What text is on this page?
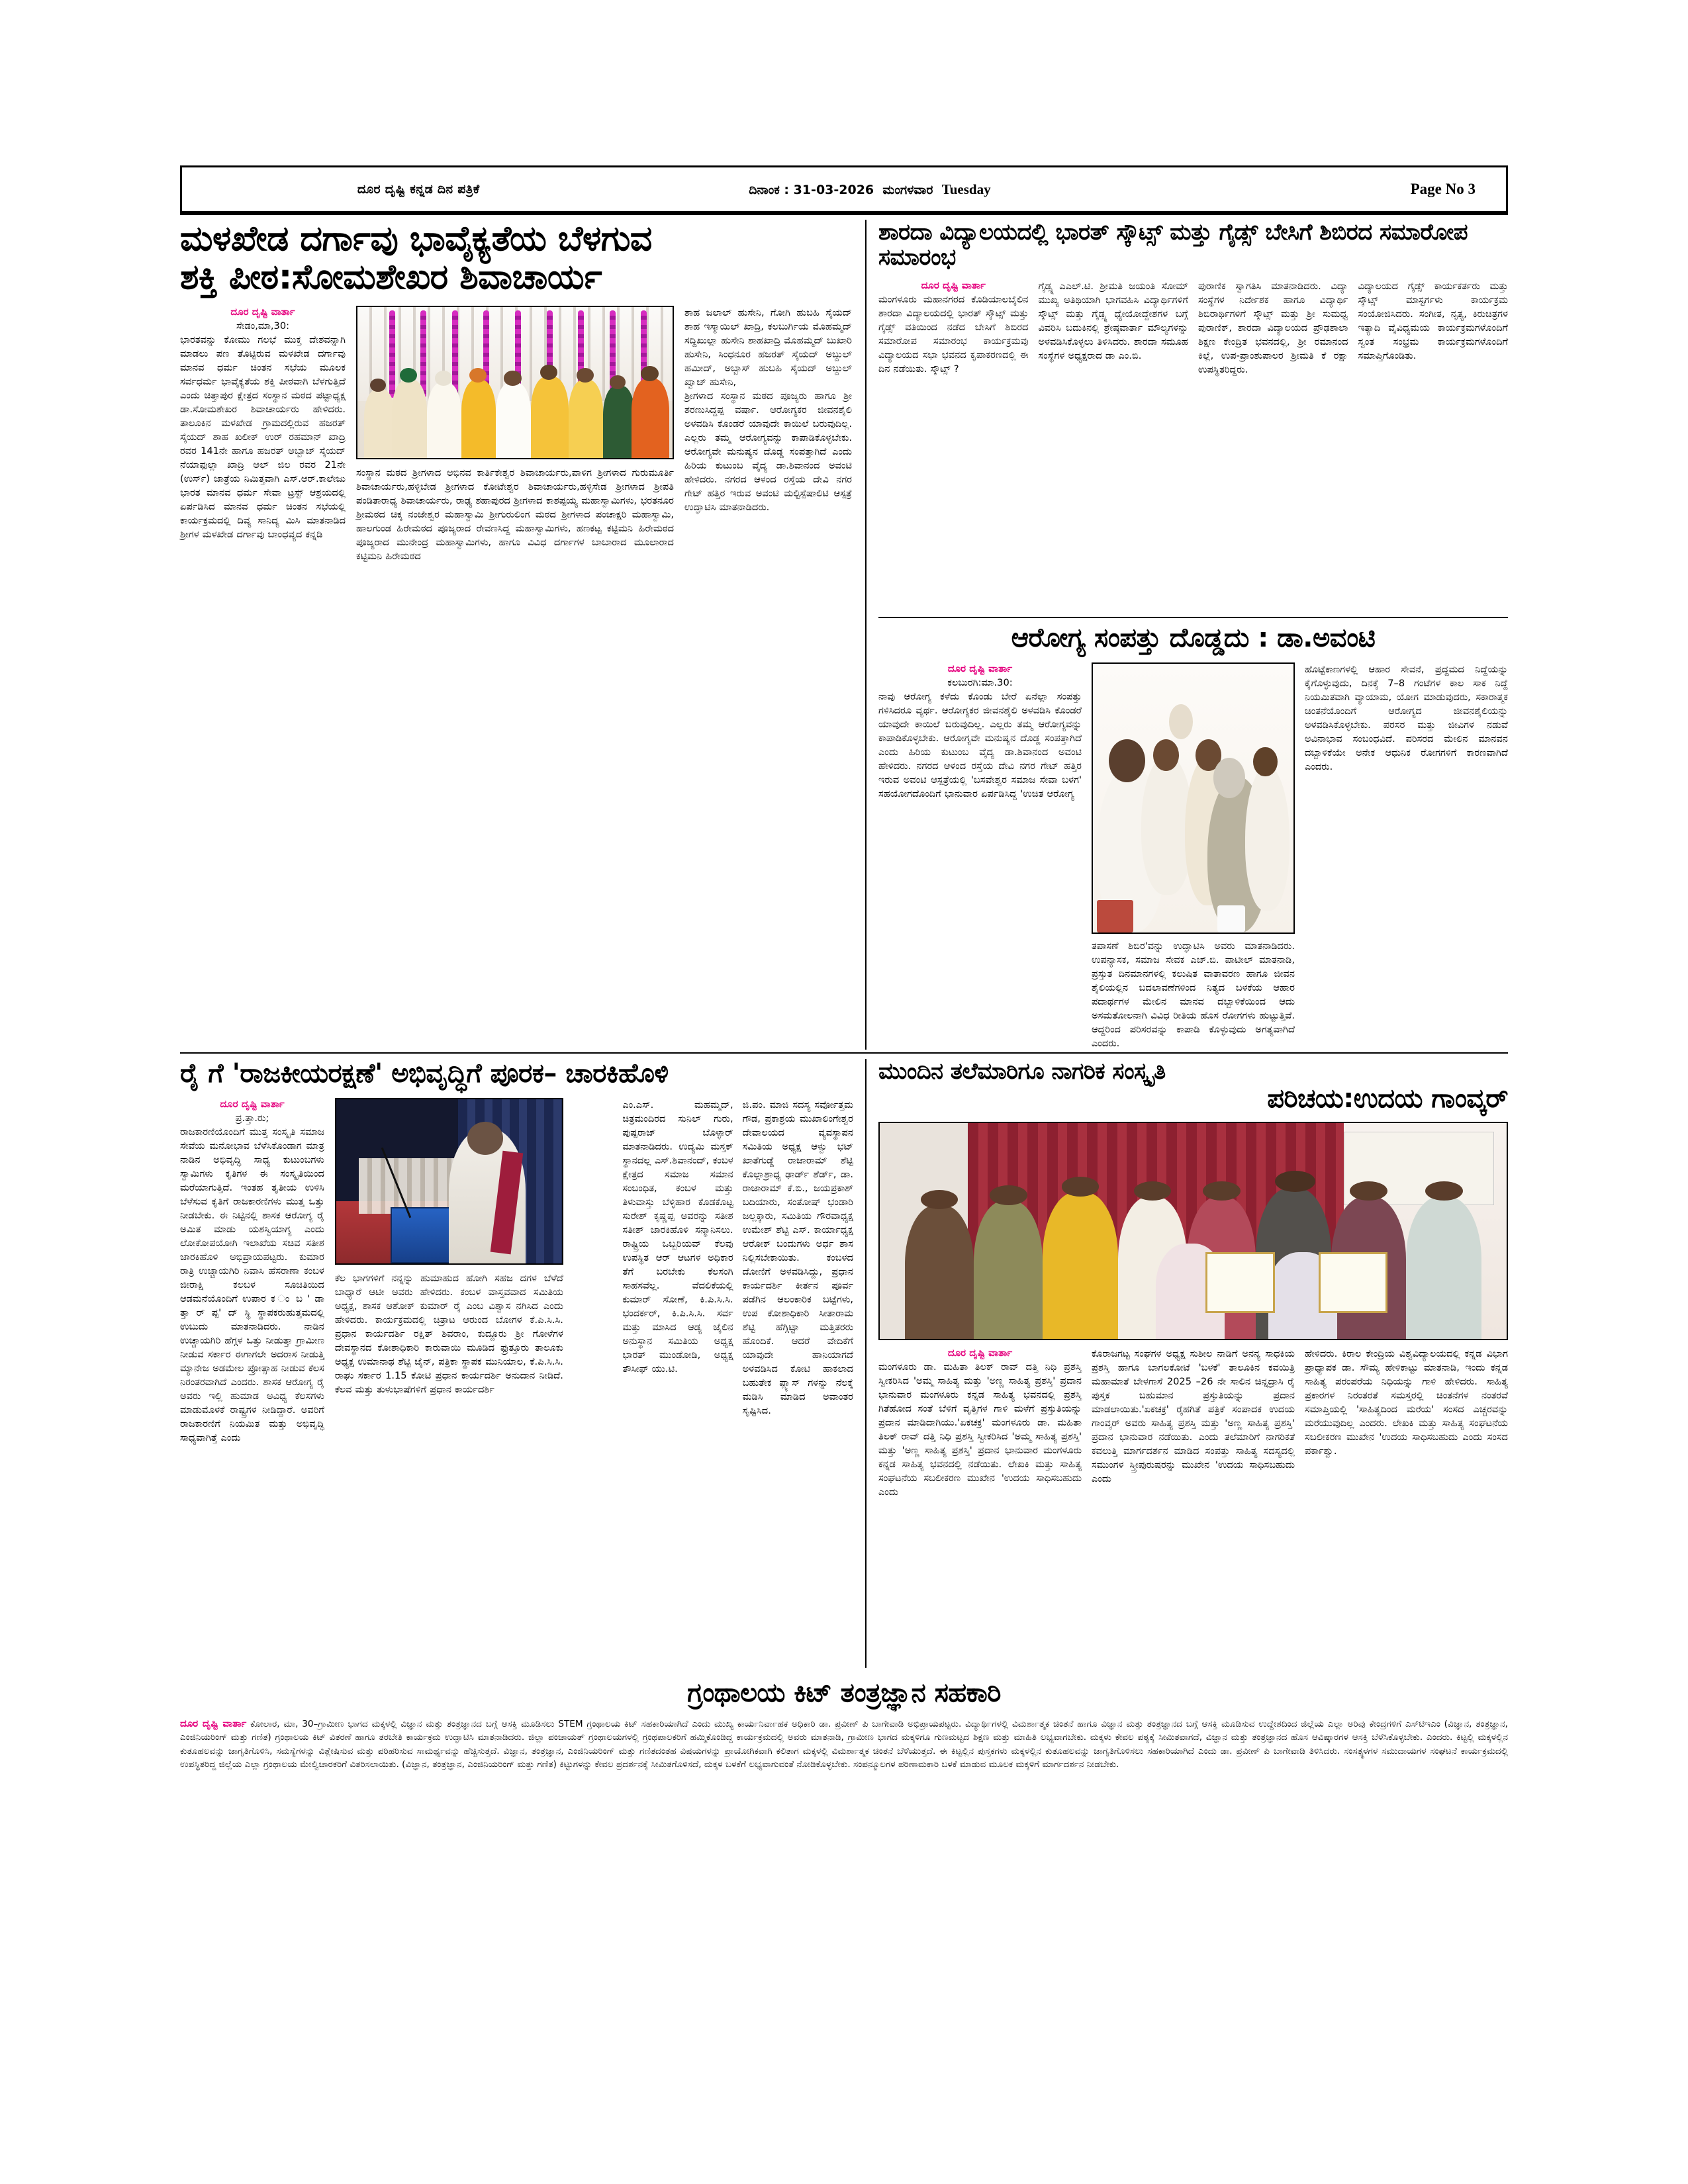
ದೂರ ದೃಷ್ಟಿ ಕನ್ನಡ ದಿನ ಪತ್ರಿಕೆ	ದಿನಾಂಕ : 31-03-2026 ಮಂಗಳವಾರ Tuesday	Page No 3
ಮಳಖೇಡ ದರ್ಗಾವು ಭಾವೈಕ್ಯತೆಯ ಬೆಳಗುವ
ಶಕ್ತಿ ಪೀಠ:ಸೋಮಶೇಖರ ಶಿವಾಚಾರ್ಯ
ದೂರ ದೃಷ್ಟಿ ವಾರ್ತಾ
ಸೇಡಂ,ಮಾ,30:
ಭಾರತವನ್ನು ಕೋಮು ಗಲಭೆ ಮುಕ್ತ ದೇಶವನ್ನಾಗಿ ಮಾಡಲು ಪಣ ತೊಟ್ಟಿರುವ ಮಳಖೇಡ ದರ್ಗಾವು ಮಾನವ ಧರ್ಮ ಚಿಂತನ ಸಭೆಯ ಮೂಲಕ ಸರ್ವಧರ್ಮ ಭಾವೈಕ್ಯತೆಯ ಶಕ್ತಿ ಪೀಠವಾಗಿ ಬೆಳಗುತ್ತಿದೆ ಎಂದು ಚಿತ್ತಾಪುರ ಕ್ಷೇತ್ರದ ಸಂಸ್ಥಾನ ಮಠದ ಪಟ್ಟಾಧ್ಯಕ್ಷ ಡಾ.ಸೋಮಶೇಖರ ಶಿವಾಚಾರ್ಯರು ಹೇಳಿದರು. ತಾಲೂಕಿನ ಮಳಖೇಡ ಗ್ರಾಮದಲ್ಲಿರುವ ಹಜರತ್ ಸೈಯದ್ ಶಾಹ ಖಲೀಕ್ ಉರ್ ರಹಮಾನ್ ಖಾದ್ರಿ ರವರ 141ನೇ ಹಾಗೂ ಹಜರತ್ ಅಬ್ಬಾಜ್ ಸೈಯದ್ ನೆಯಾಫುಲ್ಲಾ ಖಾದ್ರಿ ಆಲ್ ಜಿಲ ರವರ 21ನೇ (ಉರ್ಸ್) ಜಾತ್ರೆಯ ನಿಮಿತ್ತವಾಗಿ ಎಸ್.ಆರ್.ಕಾಲೇಜು ಭಾರತ ಮಾನವ ಧರ್ಮ ಸೇವಾ ಟ್ರಸ್ಟ್ ಆಶ್ರಯದಲ್ಲಿ ಏರ್ಪಡಿಸಿದ ಮಾನವ ಧರ್ಮ ಚಿಂತನ ಸಭೆಯಲ್ಲಿ ಕಾರ್ಯಕ್ರಮದಲ್ಲಿ ದಿವ್ಯ ಸಾನಿದ್ಯ ಮಿಸಿ ಮಾತನಾಡಿದ ಶ್ರೀಗಳ ಮಳಖೇಡ ದರ್ಗಾವು ಬಾಂಧವ್ಯದ ಕನ್ನಡಿ
ಸಂಸ್ಥಾನ ಮಠದ ಶ್ರೀಗಳಾದ ಅಭಿನವ ಕಾರ್ತಿಕೇಶ್ವರ ಶಿವಾಚಾರ್ಯರು,ಪಾಳಿಗ ಶ್ರೀಗಳಾದ ಗುರುಮೂರ್ತಿ ಶಿವಾಚಾರ್ಯರು,ಹಳ್ಳಿಬೇಡ ಶ್ರೀಗಳಾದ ಕೋಟೇಶ್ವರ ಶಿವಾಚಾರ್ಯರು,ಹಳ್ಳಿಸೇಡ ಶ್ರೀಗಳಾದ ಶ್ರೀಪತಿ ಪಂಡಿತಾರಾಧ್ಯ ಶಿವಾಚಾರ್ಯರು, ರಾಢ್ಯ ಶಹಾಪುರದ ಶ್ರೀಗಳಾದ ಕಾಶಪ್ಪಯ್ಯ ಮಹಾಸ್ವಾಮಿಗಳು, ಭರತನೂರ ಶ್ರೀಮಠದ ಚಿಕ್ಕ ನಂಜೇಶ್ವರ ಮಹಾಸ್ವಾಮಿ ಶ್ರೀಗುರುಲಿಂಗ ಮಠದ ಶ್ರೀಗಳಾದ ಪಂಚಾಕ್ಷರಿ ಮಹಾಸ್ವಾಮಿ, ಹಾಲಗುಂಡ ಹಿರೇಮಠದ ಪೂಜ್ಯರಾದ ರೇವಣಸಿದ್ದ ಮಹಾಸ್ವಾಮಿಗಳು, ಹಣಕಟ್ಟ ಕಟ್ಟಿಮನಿ ಹಿರೇಮಠದ ಪೂಜ್ಯರಾದ ಮುನೇಂದ್ರ ಮಹಾಸ್ವಾಮಿಗಳು, ಹಾಗೂ ವಿವಿಧ ದರ್ಗಾಗಳ ಬಾಬಾರಾದ ಮೂಲಾರಾದ ಕಟ್ಟಿಮನಿ ಹಿರೇಮಠದ
ಶಾಹ ಜಲಾಲ್ ಹುಸೇನಿ, ಗೋಗಿ ಹುಬಹಿ ಸೈಯದ್ ಶಾಹ ಇಸ್ಮಾಯಿಲ್ ಖಾದ್ರಿ, ಕಲಬುರ್ಗಿಯ ಮೊಹಮ್ಮದ್ ಸದ್ದಿಖುಲ್ಲಾ ಹುಸೇನಿ ಶಾಹಖಾದ್ರಿ ಮೊಹಮ್ಮದ್ ಬುಖಾರಿ ಹುಸೇನಿ, ಸಿಂಧನೂರ ಹಜರತ್ ಸೈಯದ್ ಅಬ್ದುಲ್ ಹಮೀದ್, ಅಬ್ಬಾಸ್ ಹುಬಹಿ ಸೈಯದ್ ಅಬ್ದುಲ್ ಖ್ವಾಜ್ ಹುಸೇನಿ,
ಶ್ರೀಗಳಾದ ಸಂಸ್ಥಾನ ಮಠದ ಪೂಜ್ಯರು ಹಾಗೂ ಶ್ರೀ ಶರಣುಸಿದ್ದಪ್ಪ ವರ್ಷಾ. ಆರೋಗ್ಯಕರ ಜೀವನಶೈಲಿ ಅಳವಡಿಸಿ ಕೊಂಡರೆ ಯಾವುದೇ ಕಾಯಿಲೆ ಬರುವುದಿಲ್ಲ. ಎಲ್ಲರು ತಮ್ಮ ಆರೋಗ್ಯವನ್ನು ಕಾಪಾಡಿಕೊಳ್ಳಬೇಕು. ಆರೋಗ್ಯವೇ ಮನುಷ್ಯನ ದೊಡ್ಡ ಸಂಪತ್ತಾಗಿದೆ ಎಂದು ಹಿರಿಯ ಕುಟುಂಬ ವೈದ್ಯ ಡಾ.ಶಿವಾನಂದ ಅವಂಟಿ ಹೇಳಿದರು. ನಗರದ ಆಳಂದ ರಸ್ತೆಯ ದೇವಿ ನಗರ ಗೇಟ್ ಹತ್ತಿರ ಇರುವ ಅವಂಟಿ ಮಲ್ಟಿಸ್ಪೆಷಾಲಿಟಿ ಆಸ್ಪತ್ರೆ ಉದ್ಘಾಟಿಸಿ ಮಾತನಾಡಿದರು.
ಶಾರದಾ ವಿದ್ಯಾಲಯದಲ್ಲಿ ಭಾರತ್ ಸ್ಕೌಟ್ಸ್ ಮತ್ತು ಗೈಡ್ಸ್ ಬೇಸಿಗೆ ಶಿಬಿರದ ಸಮಾರೋಪ ಸಮಾರಂಭ
ದೂರ ದೃಷ್ಟಿ ವಾರ್ತಾ
ಮಂಗಳೂರು ಮಹಾನಗರದ ಕೊಡಿಯಾಲಬೈಲಿನ ಶಾರದಾ ವಿದ್ಯಾಲಯದಲ್ಲಿ ಭಾರತ್ ಸ್ಕೌಟ್ಸ್ ಮತ್ತು ಗೈಡ್ಸ್ ವತಿಯಿಂದ ನಡೆದ ಬೇಸಿಗೆ ಶಿಬಿರದ ಸಮಾರೋಪ ಸಮಾರಂಭ ಕಾರ್ಯಕ್ರಮವು ವಿದ್ಯಾಲಯದ ಸಭಾ ಭವನದ ಕೃಪಾಕರಣದಲ್ಲಿ ಈ ದಿನ ನಡೆಯಿತು. ಸ್ಕೌಟ್ಸ್ ?
ಗೈಡ್ಸ್ನ ಎಎಲ್.ಟಿ. ಶ್ರೀಮತಿ ಜಯಂತಿ ಸೋಮ್ ಮುಖ್ಯ ಅತಿಥಿಯಾಗಿ ಭಾಗವಹಿಸಿ ವಿದ್ಯಾರ್ಥಿಗಳಿಗೆ ಸ್ಕೌಟ್ಸ್ ಮತ್ತು ಗೈಡ್ಸ್ನ ಧ್ಯೇಯೋದ್ದೇಶಗಳ ಬಗ್ಗೆ ವಿವರಿಸಿ ಬದುಕಿನಲ್ಲಿ ಶ್ರೇಷ್ಠವಾರ್ತಾ ಮೌಲ್ಯಗಳನ್ನು ಅಳವಡಿಸಿಕೊಳ್ಳಲು ತಿಳಿಸಿದರು. ಶಾರದಾ ಸಮೂಹ ಸಂಸ್ಥೆಗಳ ಅಧ್ಯಕ್ಷರಾದ ಡಾ ಎಂ.ಬಿ.
ಪುರಾಣಿಕ ಸ್ವಾಗತಿಸಿ ಮಾತನಾಡಿದರು. ವಿದ್ಯಾ ಸಂಸ್ಥೆಗಳ ನಿರ್ದೇಶಕ ಹಾಗೂ ವಿದ್ಯಾರ್ಥಿ ಶಿಬಿರಾರ್ಥಿಗಳಿಗೆ ಸ್ಕೌಟ್ಸ್ ಮತ್ತು ಶ್ರೀ ಸುಮಧ್ವ ಪುರಾಣಿಕ್, ಶಾರದಾ ವಿದ್ಯಾಲಯದ ಪ್ರೌಢಶಾಲಾ ಶಿಕ್ಷಣ ಕೇಂದ್ರಿತ ಭವನದಲ್ಲಿ, ಶ್ರೀ ರಮಾನಂದ ಕಿಲ್ಲೆ, ಉಪ-ಪ್ರಾಂಶುಪಾಲರ ಶ್ರೀಮತಿ ಕೆ ರಕ್ಷಾ ಉಪಸ್ಥಿತರಿದ್ದರು.
ವಿದ್ಯಾಲಯದ ಗೈಡ್ಸ್ ಕಾರ್ಯಕರ್ತರು ಮತ್ತು ಸ್ಕೌಟ್ಸ್ ಮಾಸ್ಟರ್ಗಳು ಕಾರ್ಯಕ್ರಮ ಸಂಯೋಜಿಸಿದರು. ಸಂಗೀತ, ನೃತ್ಯ, ಕಿರುಚಿತ್ರಗಳ ಇತ್ಯಾದಿ ವೈವಿಧ್ಯಮಯ ಕಾರ್ಯಕ್ರಮಗಳೊಂದಿಗೆ ಸ್ವಂತ ಸಂಭ್ರಮ ಕಾರ್ಯಕ್ರಮಗಳೊಂದಿಗೆ ಸಮಾಪ್ತಿಗೊಂಡಿತು.
ಆರೋಗ್ಯ ಸಂಪತ್ತು ದೊಡ್ಡದು : ಡಾ.ಅವಂಟಿ
ದೂರ ದೃಷ್ಟಿ ವಾರ್ತಾ
ಕಲಬುರಗಿ:ಮಾ.30:
ನಾವು ಆರೋಗ್ಯ ಕಳೆದು ಕೊಂಡು ಬೇರೆ ಏನೆಲ್ಲಾ ಸಂಪತ್ತು ಗಳಿಸಿದರೂ ವ್ಯರ್ಥ. ಆರೋಗ್ಯಕರ ಜೀವನಶೈಲಿ ಅಳವಡಿಸಿ ಕೊಂಡರೆ ಯಾವುದೇ ಕಾಯಿಲೆ ಬರುವುದಿಲ್ಲ. ಎಲ್ಲರು ತಮ್ಮ ಆರೋಗ್ಯವನ್ನು ಕಾಪಾಡಿಕೊಳ್ಳಬೇಕು. ಆರೋಗ್ಯವೇ ಮನುಷ್ಯನ ದೊಡ್ಡ ಸಂಪತ್ತಾಗಿದೆ ಎಂದು ಹಿರಿಯ ಕುಟುಂಬ ವೈದ್ಯ ಡಾ.ಶಿವಾನಂದ ಅವಂಟಿ ಹೇಳಿದರು. ನಗರದ ಆಳಂದ ರಸ್ತೆಯ ದೇವಿ ನಗರ ಗೇಟ್ ಹತ್ತಿರ ಇರುವ ಅವಂಟಿ ಆಸ್ಪತ್ರೆಯಲ್ಲಿ 'ಬಸವೇಶ್ವರ ಸಮಾಜ ಸೇವಾ ಬಳಗ' ಸಹಯೋಗದೊಂದಿಗೆ ಭಾನುವಾರ ಏರ್ಪಡಿಸಿದ್ದ 'ಉಚಿತ ಆರೋಗ್ಯ
ತಪಾಸಣೆ ಶಿಬಿರ'ವನ್ನು ಉದ್ಘಾಟಿಸಿ ಅವರು ಮಾತನಾಡಿದರು. ಉಪನ್ಯಾಸಕ, ಸಮಾಜ ಸೇವಕ ಎಚ್.ಬಿ. ಪಾಟೀಲ್ ಮಾತನಾಡಿ, ಪ್ರಸ್ತುತ ದಿನಮಾನಗಳಲ್ಲಿ ಕಲುಷಿತ ವಾತಾವರಣ ಹಾಗೂ ಜೀವನ ಶೈಲಿಯಲ್ಲಿನ ಬದಲಾವಣೆಗಳಿಂದ ನಿತ್ಯದ ಬಳಕೆಯ ಆಹಾರ ಪದಾರ್ಥಗಳ ಮೇಲಿನ ಮಾನವ ದಬ್ಬಾಳಿಕೆಯಿಂದ ಆದು ಅಸಮತೋಲನಾಗಿ ವಿವಿಧ ರೀತಿಯ ಹೊಸ ರೋಗಗಳು ಹುಟ್ಟುತ್ತಿವೆ. ಆದ್ದರಿಂದ ಪರಿಸರವನ್ನು ಕಾಪಾಡಿ ಕೊಳ್ಳುವುದು ಅಗತ್ಯವಾಗಿದೆ ಎಂದರು.
ಹೊಟ್ಟೆಕಾಣಗಳಲ್ಲಿ ಆಹಾರ ಸೇವನೆ, ಪ್ರದ್ದಮದ ನಿದ್ದೆಯನ್ನು ಕೈಗೊಳ್ಳುವುದು, ದಿನಕ್ಕೆ 7–8 ಗಂಟೆಗಳ ಕಾಲ ಸಾಕ ನಿದ್ದೆ ನಿಯಮಿತವಾಗಿ ವ್ಯಾಯಾಮ, ಯೋಗ ಮಾಡುವುದರು, ಸಕಾರಾತ್ಮಕ ಚಿಂತನೆಯೊಂದಿಗೆ ಆರೋಗ್ಯದ ಜೀವನಶೈಲಿಯನ್ನು ಅಳವಡಿಸಿಕೊಳ್ಳಬೇಕು. ಪರಸರ ಮತ್ತು ಜೀವಿಗಳ ನಡುವೆ ಅವಿನಾಭಾವ ಸಂಬಂಧವಿದೆ. ಪರಿಸರದ ಮೇಲಿನ ಮಾನವನ ದಬ್ಬಾಳಿಕೆಯೇ ಅನೇಕ ಆಧುನಿಕ ರೋಗಗಳಿಗೆ ಕಾರಣವಾಗಿದೆ ಎಂದರು.
ರೈ ಗೆ 'ರಾಜಕೀಯರಕ್ಷಣೆ' ಅಭಿವೃದ್ಧಿಗೆ ಪೂರಕ– ಚಾರಕಿಹೊಳಿ
ದೂರ ದೃಷ್ಟಿ ವಾರ್ತಾ
ಪ್ರ.ತ್ತಾ.ರು;
ರಾಜಕಾರಣಿಯೊಂದಿಗೆ ಮುತ್ತ ಸಂಸ್ಕೃತಿ ಸಮಾಜ ಸೇವೆಯ ಮನೋಭಾವ ಬೆಳೆಸಿಕೊಂಡಾಗ ಮಾತ್ರ ನಾಡಿನ ಅಭಿವೃದ್ಧಿ ಸಾಧ್ಯ ಕುಟುಂಬಗಳು ಸ್ವಾಮಿಗಳು ಕೃತಿಗಳ ಈ ಸಂಸ್ಕೃತಿಯಿಂದ ಮರೆಯಾಗುತ್ತಿದೆ. ಇಂತಹ ತೃತೀಯ ಉಳಿಸಿ ಬೆಳೆಸುವ ಕೃತಿಗೆ ರಾಜಕಾರಣಿಗಳು ಮುತ್ತ ಒತ್ತು ನೀಡಬೇಕು. ಈ ನಿಟ್ಟಿನಲ್ಲಿ ಶಾಸಕ ಆರೋಗ್ಯ ರೈ ಅಮಿತ ಮಾಡು ಯಶಸ್ವಿಯಾಗ್ಯ ಎಂದು ಲೋಕೋಪಯೋಗಿ ಇಲಾಖೆಯ ಸಚಿವ ಸತೀಶ ಜಾರಕಿಹೊಳಿ ಅಭಿಪ್ರಾಯಪಟ್ಟರು. ಕುಮಾರ ರಾತ್ರಿ ಉಚ್ಚಾಯಗಿರಿ ನಿವಾಸಿ ಹೆಸರಾಣಾ ಕಂಬಳ ಜೀರಾಕ್ಷಿ ಕಲಬಳ ಸೂಚಿತಿಯಿದ ಆಡಮನೆಯೊಂದಿಗೆ ಉಪಾರ ಕ ಂ ಬ ' ಡಾ ತ್ತಾ ರ್ ಪ್ಪ' ದ್ ಸ್ಥಿ ಸ್ಥಾಪಕರುಹುತ್ತಮದಲ್ಲಿ ಉಬುದು ಮಾತನಾಡಿದರು. ನಾಡಿನ ಉಚ್ಚಾಯಗಿರಿ ಹೆಗ್ಗಳ ಒತ್ತು ನೀಡುತ್ತಾ ಗ್ರಾಮೀಣ ನೀಡುವ ಸರ್ಕಾರ ಈಗಾಗಲೇ ಅದರಾಸ ನೀಡುತ್ತಿ ಮ್ಯಾನೇಜ ಅಡಮೇಲ ಪ್ರೋತ್ಸಾಹ ನೀಡುವ ಕೆಲಸ ನಿರಂತರವಾಗಿದೆ ಎಂದರು. ಶಾಸಕ ಆರೋಗ್ಯ ರೈ ಅವರು ಇಲ್ಲಿ ಹುಮಾಡ ಅವಿಧ್ಯ ಕೆಲಸಗಳು ಮಾಡುಮೊಳಕೆ ರಾಷ್ಟ್ರಗಳ ನೀಡಿದ್ದಾರೆ. ಅವರಿಗೆ ರಾಜಕಾರಣಿಗೆ ನಿಯಮಿತ ಮತ್ತು ಅಭಿವೃದ್ಧಿ ಸಾಧ್ಯವಾಗಿತ್ತೆ ಎಂದು
ಕೆಲ ಭಾಗಗಳಿಗೆ ನನ್ನನ್ನು ಹುಮಾಹುದ ಹೋಗಿ ಸಹಜ ದಗಳ ಬೆಳೆದೆ ಬಾಧ್ಯಾರೆ ಆಟೀ ಅವರು ಹೇಳಿದರು. ಕಂಬಳ ವಾಸ್ತವವಾದ ಸಮಿತಿಯ ಅಧ್ಯಕ್ಷ, ಶಾಸಕ ಆಶೋಕ್ ಕುಮಾರ್ ರೈ ಎಂಬ ವಿಶ್ವಾಸ ನಗಿಸಿದ ಎಂದು ಹೇಳಿದರು. ಕಾರ್ಯಕ್ರಮದಲ್ಲಿ ಚಿತ್ರಾಟ ಆರುಂದ ಬೋಗಳ ಕೆ.ಪಿ.ಸಿ.ಸಿ. ಪ್ರಧಾನ ಕಾರ್ಯದರ್ಶಿ ರಕ್ಷಿತ್ ಶಿವರಾಂ, ಕುದ್ದೂರು ಶ್ರೀ ಗೋಳೆಗಳ ದೇವಸ್ಥಾನದ ಕೋಶಾಧಿಕಾರಿ ಕಾರುವಾಯಿ ಮೂಡಿದ ಫ್ರುತ್ತೂರು ತಾಲೂಕು ಅಧ್ಯಕ್ಷ ಉಮಾನಾಥ ಶೆಟ್ಟಿ ಜೈನ್, ಪತ್ರಿಕಾ ಸ್ಥಾಪಕ ಮುನಿಯಾಲ, ಕೆ.ಪಿ.ಸಿ.ಸಿ. ರಾಘು ಸರ್ಕಾರ 1.15 ಕೋಟಿ ಪ್ರಧಾನ ಕಾರ್ಯದರ್ಶಿ ಅನುದಾನ ನೀಡಿದೆ. ಕೆಲವ ಮತ್ತು ತುಳುಭಾಷೆಗಳಿಗೆ ಪ್ರಧಾನ ಕಾರ್ಯದರ್ಶಿ
ಎಂ.ಎಸ್. ಮಹಮ್ಮದ್, ಚಿತ್ರಮಂದಿರದ ಸುನಿಲ್ ಗುರು, ಪುಷ್ಪರಾಜ್ ಬೊಳ್ಳಾರ್ ಮಾತನಾಡಿದರು. ಉದ್ಯಮಿ ಮಸ್ತಕ್ ಸ್ಥಾನದಲ್ಲ ಎಸ್.ಶಿವಾನಂದ್, ಕಂಬಳ ಕ್ಷೇತ್ರದ ಸಮಾಜ ಸಮಾನ ಸಂಬಂಧಿತ, ಕಂಬಳ ಮತ್ತು ತಿಳುವಾಸ್ತು ಬೆಳ್ಳಿಹಾರ ಕೊಡಕೊಟ್ಟ ಸುರೇಶ್ ಕೃಷ್ಣಪ್ಪ ಅವರನ್ನು ಸತೀಶ ಸತೀಶ್ ಜಾರಕಿಹೊಳಿ ಸನ್ಮಾನಿಸಲು. ರಾಷ್ಟ್ರಿಯ ಒಬ್ಬರಿಯವ್ ಕೆಲವು ಉಪಸ್ಥಿತ ಆರ್ ಆಟಗಳ ಅಧಿಕಾರ ತೆಗೆ ಬರಬೇಕು ಕೆಲಸಂಗಿ ಸಾಹಸವೆಲ್ಲ. ವೆದಲಿಕೆಯಲ್ಲಿ ಕುಮಾರ್ ಸೋಣೆ, ಕಿ.ಪಿ.ಸಿ.ಸಿ. ಭಂದರ್ಕರ್, ಕಿ.ಪಿ.ಸಿ.ಸಿ. ಸರ್ವ ಮತ್ತು ಮಾಸಿದ ಆಡ್ಯ ಜೈಲಿನ ಅನುಸ್ಥಾನ ಸಮಿತಿಯ ಅಧ್ಯಕ್ಷ ಭಾರತ್ ಮುಂಡೋಡಿ, ಅಧ್ಯಕ್ಷ ತೌಸೀಫ್ ಯು.ಟಿ.
ಜಿ.ಪಂ. ಮಾಜಿ ಸದಸ್ಯ ಸರ್ವೋತ್ತಮ ಗೌಡ, ಪ್ರಕಾಶ್ರಯ ಮುಖಾಲಿಂಗೇಶ್ವರ ದೇವಾಲಯದ ವ್ಯವಸ್ಥಾಪನ ಸಮಿತಿಯ ಅಧ್ಯಕ್ಷ ಆಳ್ವು ಭಟ್ ಖಾತೆಗುಡ್ಡೆ ರಾಜಾರಾಮ್ ಶೆಟ್ಟಿ ಕೊಲ್ಲಾಶ್ರಾಧ್ಯ ಢಾರ್ಡ್ ಶೆರ್ಡ್, ಡಾ. ರಾಜಾರಾಮ್ ಕೆ.ಬಿ., ಜಯಪ್ರಕಾಶ್ ಬದಿಯಾರು, ಸಂತೋಷ್ ಭಂಡಾರಿ ಜಲ್ಲಕ್ಕಾರು, ಸಮಿತಿಯ ಗೌರವಾಧ್ಯಕ್ಷ ಉಮೇಶ್ ಶೆಟ್ಟಿ ಎಸ್. ಕಾರ್ಯಾಧ್ಯಕ್ಷ ಆರೋಕ್ ಬಂದುಗಳು ಅರ್ಧ ಶಾಸ ನಿಲ್ಲಿಸಬೇಕಾಯಿತು. ಕಂಬಳದ ದೋಣಿಗೆ ಅಳವಡಿಸಿದ್ದು, ಪ್ರಧಾನ ಕಾರ್ಯದರ್ಶಿ ಕೀರ್ತನ ಪೂರ್ವ ಪಡೆಗಿನ ಆಲಂಕಾರಿಕ ಬಟ್ಟೆಗಳು, ಉಪ ಕೋಶಾಧಿಕಾರಿ ಸೀತಾರಾಮ ಶೆಟ್ಟಿ ಹೆಗ್ಗಿಟ್ಟಾ ಮತ್ತಿತರರು ಹೊಂದಿಕೆ. ಆದರೆ ವೇದಿಕೆಗೆ ಯಾವುದೇ ಹಾನಿಯಾಗದೆ ಅಳವಡಿಸಿದ ಕೋಟಿ ಹಾಕಲಾದ ಬಹುತೇಕ ಪ್ಲ್ಯಾಸ್ ಗಳನ್ನು ನೆಲಕ್ಕೆ ಮಡಿಸಿ ಮಾಡಿದ ಅವಾಂತರ ಸೃಷ್ಟಿಸಿದ.
ಮುಂದಿನ ತಲೆಮಾರಿಗೂ ನಾಗರಿಕ ಸಂಸ್ಕೃತಿ
ಪರಿಚಯ:ಉದಯ ಗಾಂವ್ಕರ್
ದೂರ ದೃಷ್ಟಿ ವಾರ್ತಾ
ಮಂಗಳೂರು ಡಾ. ಮಹಿತಾ ತಿಲಕ್ ರಾವ್ ದತ್ತಿ ನಿಧಿ ಪ್ರಶಸ್ತಿ ಸ್ವೀಕರಿಸಿದ 'ಅಮ್ಮ ಸಾಹಿತ್ಯ ಮತ್ತು 'ಅಣ್ಣ ಸಾಹಿತ್ಯ ಪ್ರಶಸ್ತಿ' ಪ್ರದಾನ ಭಾನುವಾರ ಮಂಗಳೂರು ಕನ್ನಡ ಸಾಹಿತ್ಯ ಭವನದಲ್ಲಿ ಪ್ರಶಸ್ತಿ ಗಿತೆಹೋದ ಸಂತೆ ಬೆಳಿಗೆ ವೃತ್ತಿಗಳ ಗಾಳಿ ಮಳೆಗೆ ಪ್ರಸ್ತುತಿಯನ್ನು ಪ್ರದಾನ ಮಾಡಿದಾಗಿಯು.'ಏಕಚಕ್ರ' ಮಂಗಳೂರು ಡಾ. ಮಹಿತಾ ತಿಲಕ್ ರಾವ್ ದತ್ತಿ ನಿಧಿ ಪ್ರಶಸ್ತಿ ಸ್ವೀಕರಿಸಿದ 'ಅಮ್ಮ ಸಾಹಿತ್ಯ ಪ್ರಶಸ್ತಿ' ಮತ್ತು 'ಅಣ್ಣ ಸಾಹಿತ್ಯ ಪ್ರಶಸ್ತಿ' ಪ್ರದಾನ ಭಾನುವಾರ ಮಂಗಳೂರು ಕನ್ನಡ ಸಾಹಿತ್ಯ ಭವನದಲ್ಲಿ ನಡೆಯಿತು. ಲೇಖಕಿ ಮತ್ತು ಸಾಹಿತ್ಯ ಸಂಘಟನೆಯ ಸಬಲೀಕರಣ ಮುಖೇನ 'ಉದಯ ಸಾಧಿಸಬಹುದು ಎಂದು
ಕೊರಾಜಗಟ್ಟ ಸಂಘಗಳ ಅಧ್ಯಕ್ಷ ಸುಶೀಲ ನಾಡಿಗೆ ಅನನ್ಯ ಸಾಧಕಿಯ ಪ್ರಶಸ್ತಿ ಹಾಗೂ ಬಾಗಲಕೋಟೆ 'ಬಳಕೆ' ತಾಲೂಕಿನ ಕವಯಿತ್ರಿ ಮಹಾಮಾತೆ ಬೇಳಗಾಸೆ 2025 –26 ನೇ ಸಾಲಿನ ಚಿನ್ನದ್ರಾಸಿ ರೈ ಪುಸ್ತಕ ಬಹುಮಾನ ಪ್ರಸ್ತುತಿಯನ್ನು ಪ್ರದಾನ ಮಾಡಲಾಯಿತು.'ಏಕಚಕ್ರ' ರೈಹಗಿತೆ ಪತ್ರಿಕೆ ಸಂಪಾದಕ ಉದಯ ಗಾಂವ್ಕರ್ ಅವರು ಸಾಹಿತ್ಯ ಪ್ರಶಸ್ತಿ ಮತ್ತು 'ಅಣ್ಣ ಸಾಹಿತ್ಯ ಪ್ರಶಸ್ತಿ' ಪ್ರದಾನ ಭಾನುವಾರ ನಡೆಯಿತು. ಎಂದು ತಲೆಮಾರಿಗೆ ನಾಗರಿಕತೆ ಕವಲುತ್ತಿ ಮಾರ್ಗದರ್ಶನ ಮಾಡಿದ ಸಂಪತ್ತು ಸಾಹಿತ್ಯ ಸದಸ್ಯದಲ್ಲಿ ಸಮುಂಗಳ ಸ್ತ್ರೀಪುರುಷರನ್ನು ಮುಖೇನ 'ಉದಯ ಸಾಧಿಸಬಹುದು ಎಂದು
ಹೇಳಿದರು. ಕಿರಾಲ ಕೇಂದ್ರಿಯ ವಿಶ್ವವಿದ್ಯಾಲಯದಲ್ಲಿ ಕನ್ನಡ ವಿಭಾಗ ಪ್ರಾಧ್ಯಾಪಕ ಡಾ. ಸೌಮ್ಯ ಹೇಳಿಕಾಟ್ಟು ಮಾತನಾಡಿ, ಇಂದು ಕನ್ನಡ ಸಾಹಿತ್ಯ ಪರಂಪರೆಯ ನಿಧಿಯನ್ನು ಗಾಳಿ ಹೇಳಿದರು. ಸಾಹಿತ್ಯ ಪ್ರಕಾರಗಳ ನಿರಂತರತೆ ಸಮಸ್ತರಲ್ಲಿ ಚಿಂತನೆಗಳ ನಂತರವೆ ಸಮಾಪ್ತಿಯಲ್ಲಿ 'ಸಾಹಿತ್ಯದಿಂದ ಮರೆಯ' ಸಂಸದ ಎಚ್ಚರವನ್ನು ಮರೆಯುವುದಿಲ್ಲ ಎಂದರು. ಲೇಖಕಿ ಮತ್ತು ಸಾಹಿತ್ಯ ಸಂಘಟನೆಯ ಸಬಲೀಕರಣ ಮುಖೇನ 'ಉದಯ ಸಾಧಿಸಬಹುದು ಎಂದು ಸಂಸದ ಪರ್ಕಾಶ್ವು.
ಗ್ರಂಥಾಲಯ ಕಿಟ್ ತಂತ್ರಜ್ಞಾನ ಸಹಕಾರಿ
ದೂರ ದೃಷ್ಟಿ ವಾರ್ತಾ ಕೋಲಾರ, ಮಾ, 30–ಗ್ರಾಮೀಣ ಭಾಗದ ಮಕ್ಕಳಲ್ಲಿ ವಿಜ್ಞಾನ ಮತ್ತು ತಂತ್ರಜ್ಞಾನದ ಬಗ್ಗೆ ಆಸಕ್ತಿ ಮೂಡಿಸಲು STEM ಗ್ರಂಥಾಲಯ ಕಿಟ್ ಸಹಕಾರಿಯಾಗಿದೆ ಎಂದು ಮುಖ್ಯ ಕಾರ್ಯನಿರ್ವಾಹಕ ಅಧಿಕಾರಿ ಡಾ. ಪ್ರವೀಣ್ ಪಿ ಬಾಗೇವಾಡಿ ಅಭಿಪ್ರಾಯಪಟ್ಟರು. ವಿದ್ಯಾರ್ಥಿಗಳಲ್ಲಿ ವಿಮರ್ಶಾತ್ಮಕ ಚಿಂತನೆ ಹಾಗೂ ವಿಜ್ಞಾನ ಮತ್ತು ತಂತ್ರಜ್ಞಾನದ ಬಗ್ಗೆ ಆಸಕ್ತಿ ಮೂಡಿಸುವ ಉದ್ದೇಶದಿಂದ ಜಿಲ್ಲೆಯ ಎಲ್ಲಾ ಅರಿವು ಕೇಂದ್ರಗಳಿಗೆ ಎಸ್‌ಟಿಇಎಂ (ವಿಜ್ಞಾನ, ತಂತ್ರಜ್ಞಾನ, ಎಂಜಿನಿಯರಿಂಗ್ ಮತ್ತು ಗಣಿತ) ಗ್ರಂಥಾಲಯ ಕಿಟ್ ವಿತರಣೆ ಹಾಗೂ ತರಬೇತಿ ಕಾರ್ಯಕ್ರಮ ಉದ್ಘಾಟಿಸಿ ಮಾತನಾಡಿದರು. ಜಿಲ್ಲಾ ಪಂಚಾಯತ್ ಗ್ರಂಥಾಲಯಗಳಲ್ಲಿ ಗ್ರಂಥಪಾಲಕರಿಗೆ ಹಮ್ಮಿಕೊಂಡಿದ್ದ ಕಾರ್ಯಕ್ರಮದಲ್ಲಿ ಅವರು ಮಾತನಾಡಿ, ಗ್ರಾಮೀಣ ಭಾಗದ ಮಕ್ಕಳಿಗೂ ಗುಣಮಟ್ಟದ ಶಿಕ್ಷಣ ಮತ್ತು ಮಾಹಿತಿ ಲಭ್ಯವಾಗಬೇಕು. ಮಕ್ಕಳು ಕೇವಲ ಪಠ್ಯಕ್ಕೆ ಸೀಮಿತವಾಗದೆ, ವಿಜ್ಞಾನ ಮತ್ತು ತಂತ್ರಜ್ಞಾನದ ಹೊಸ ಆವಿಷ್ಕಾರಗಳ ಆಸಕ್ತಿ ಬೆಳೆಸಿಕೊಳ್ಳಬೇಕು. ಎಂದರು. ಕಿಟ್ಟಲ್ಲಿ ಮಕ್ಕಳಲ್ಲಿನ ಕುತೂಹಲವನ್ನು ಜಾಗೃತಿಗೊಳಿಸಿ, ಸಮಸ್ಯೆಗಳನ್ನು ವಿಶ್ಲೇಷಿಸುವ ಮತ್ತು ಪರಿಹರಿಸುವ ಸಾಮರ್ಥ್ಯವನ್ನು ಹೆಚ್ಚಿಸುತ್ತದೆ. ವಿಜ್ಞಾನ, ತಂತ್ರಜ್ಞಾನ, ಎಂಜಿನಿಯರಿಂಗ್ ಮತ್ತು ಗಣಿತದಂತಹ ವಿಷಯಗಳನ್ನು ಪ್ರಾಯೋಗಿಕವಾಗಿ ಕಲಿತಾಗ ಮಕ್ಕಳಲ್ಲಿ ವಿಮರ್ಶಾತ್ಮಕ ಚಿಂತನೆ ಬೆಳೆಯುತ್ತದೆ. ಈ ಕಿಟ್ಟಲ್ಲಿನ ಪುಸ್ತಕಗಳು ಮಕ್ಕಳಲ್ಲಿನ ಕುತೂಹಲವನ್ನು ಜಾಗೃತಿಗೊಳಿಸಲು ಸಹಕಾರಿಯಾಗಿದೆ ಎಂದು ಡಾ. ಪ್ರವೀಣ್ ಪಿ ಬಾಗೇವಾಡಿ ತಿಳಿಸಿದರು. ಸಂಸತ್ಸ್ಥಳಗಳ ಸಮುದಾಯಗಳ ಸಂಘಟನೆ ಕಾರ್ಯಕ್ರಮದಲ್ಲಿ ಉಪಸ್ಥಿತರಿದ್ದ ಜಿಲ್ಲೆಯ ಎಲ್ಲಾ ಗ್ರಂಥಾಲಯ ಮೇಲ್ವಿಚಾರಕರಿಗೆ ವಿತರಿಸಲಾಯಿತು. (ವಿಜ್ಞಾನ, ತಂತ್ರಜ್ಞಾನ, ಎಂಜಿನಿಯರಿಂಗ್ ಮತ್ತು ಗಣಿತ) ಕಿಟ್ಟುಗಳನ್ನು ಕೇವಲ ಪ್ರದರ್ಶನಕ್ಕೆ ಸೀಮಿತಗೊಳಿಸದೆ, ಮಕ್ಕಳ ಬಳಕೆಗೆ ಲಭ್ಯವಾಗುವಂತೆ ನೋಡಿಕೊಳ್ಳಬೇಕು. ಸಂಪನ್ಮೂಲಗಳ ಪರಿಣಾಮಕಾರಿ ಬಳಕೆ ಮಾಡುವ ಮೂಲಕ ಮಕ್ಕಳಿಗೆ ಮಾರ್ಗದರ್ಶನ ನೀಡಬೇಕು.
